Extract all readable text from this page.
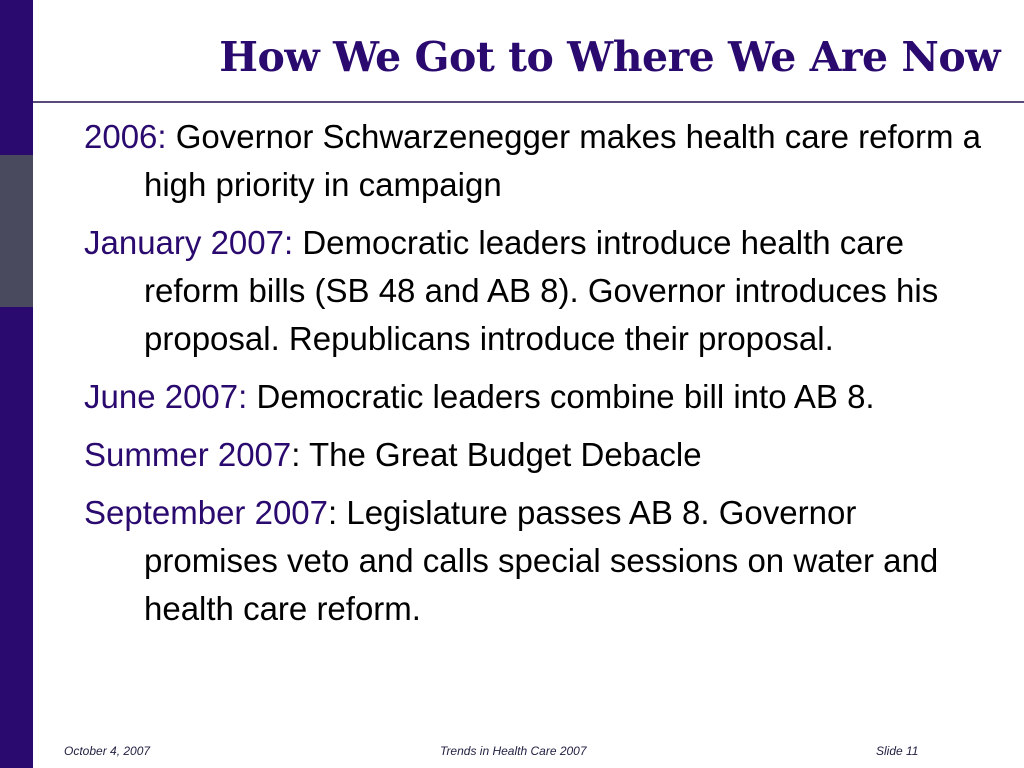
How We Got to Where We Are Now
2006: Governor Schwarzenegger makes health care reform a high priority in campaign
January 2007: Democratic leaders introduce health care reform bills (SB 48 and AB 8). Governor introduces his proposal. Republicans introduce their proposal.
June 2007: Democratic leaders combine bill into AB 8.
Summer 2007: The Great Budget Debacle
September 2007: Legislature passes AB 8. Governor promises veto and calls special sessions on water and health care reform.
October 4, 2007	Trends in Health Care 2007	Slide 11
